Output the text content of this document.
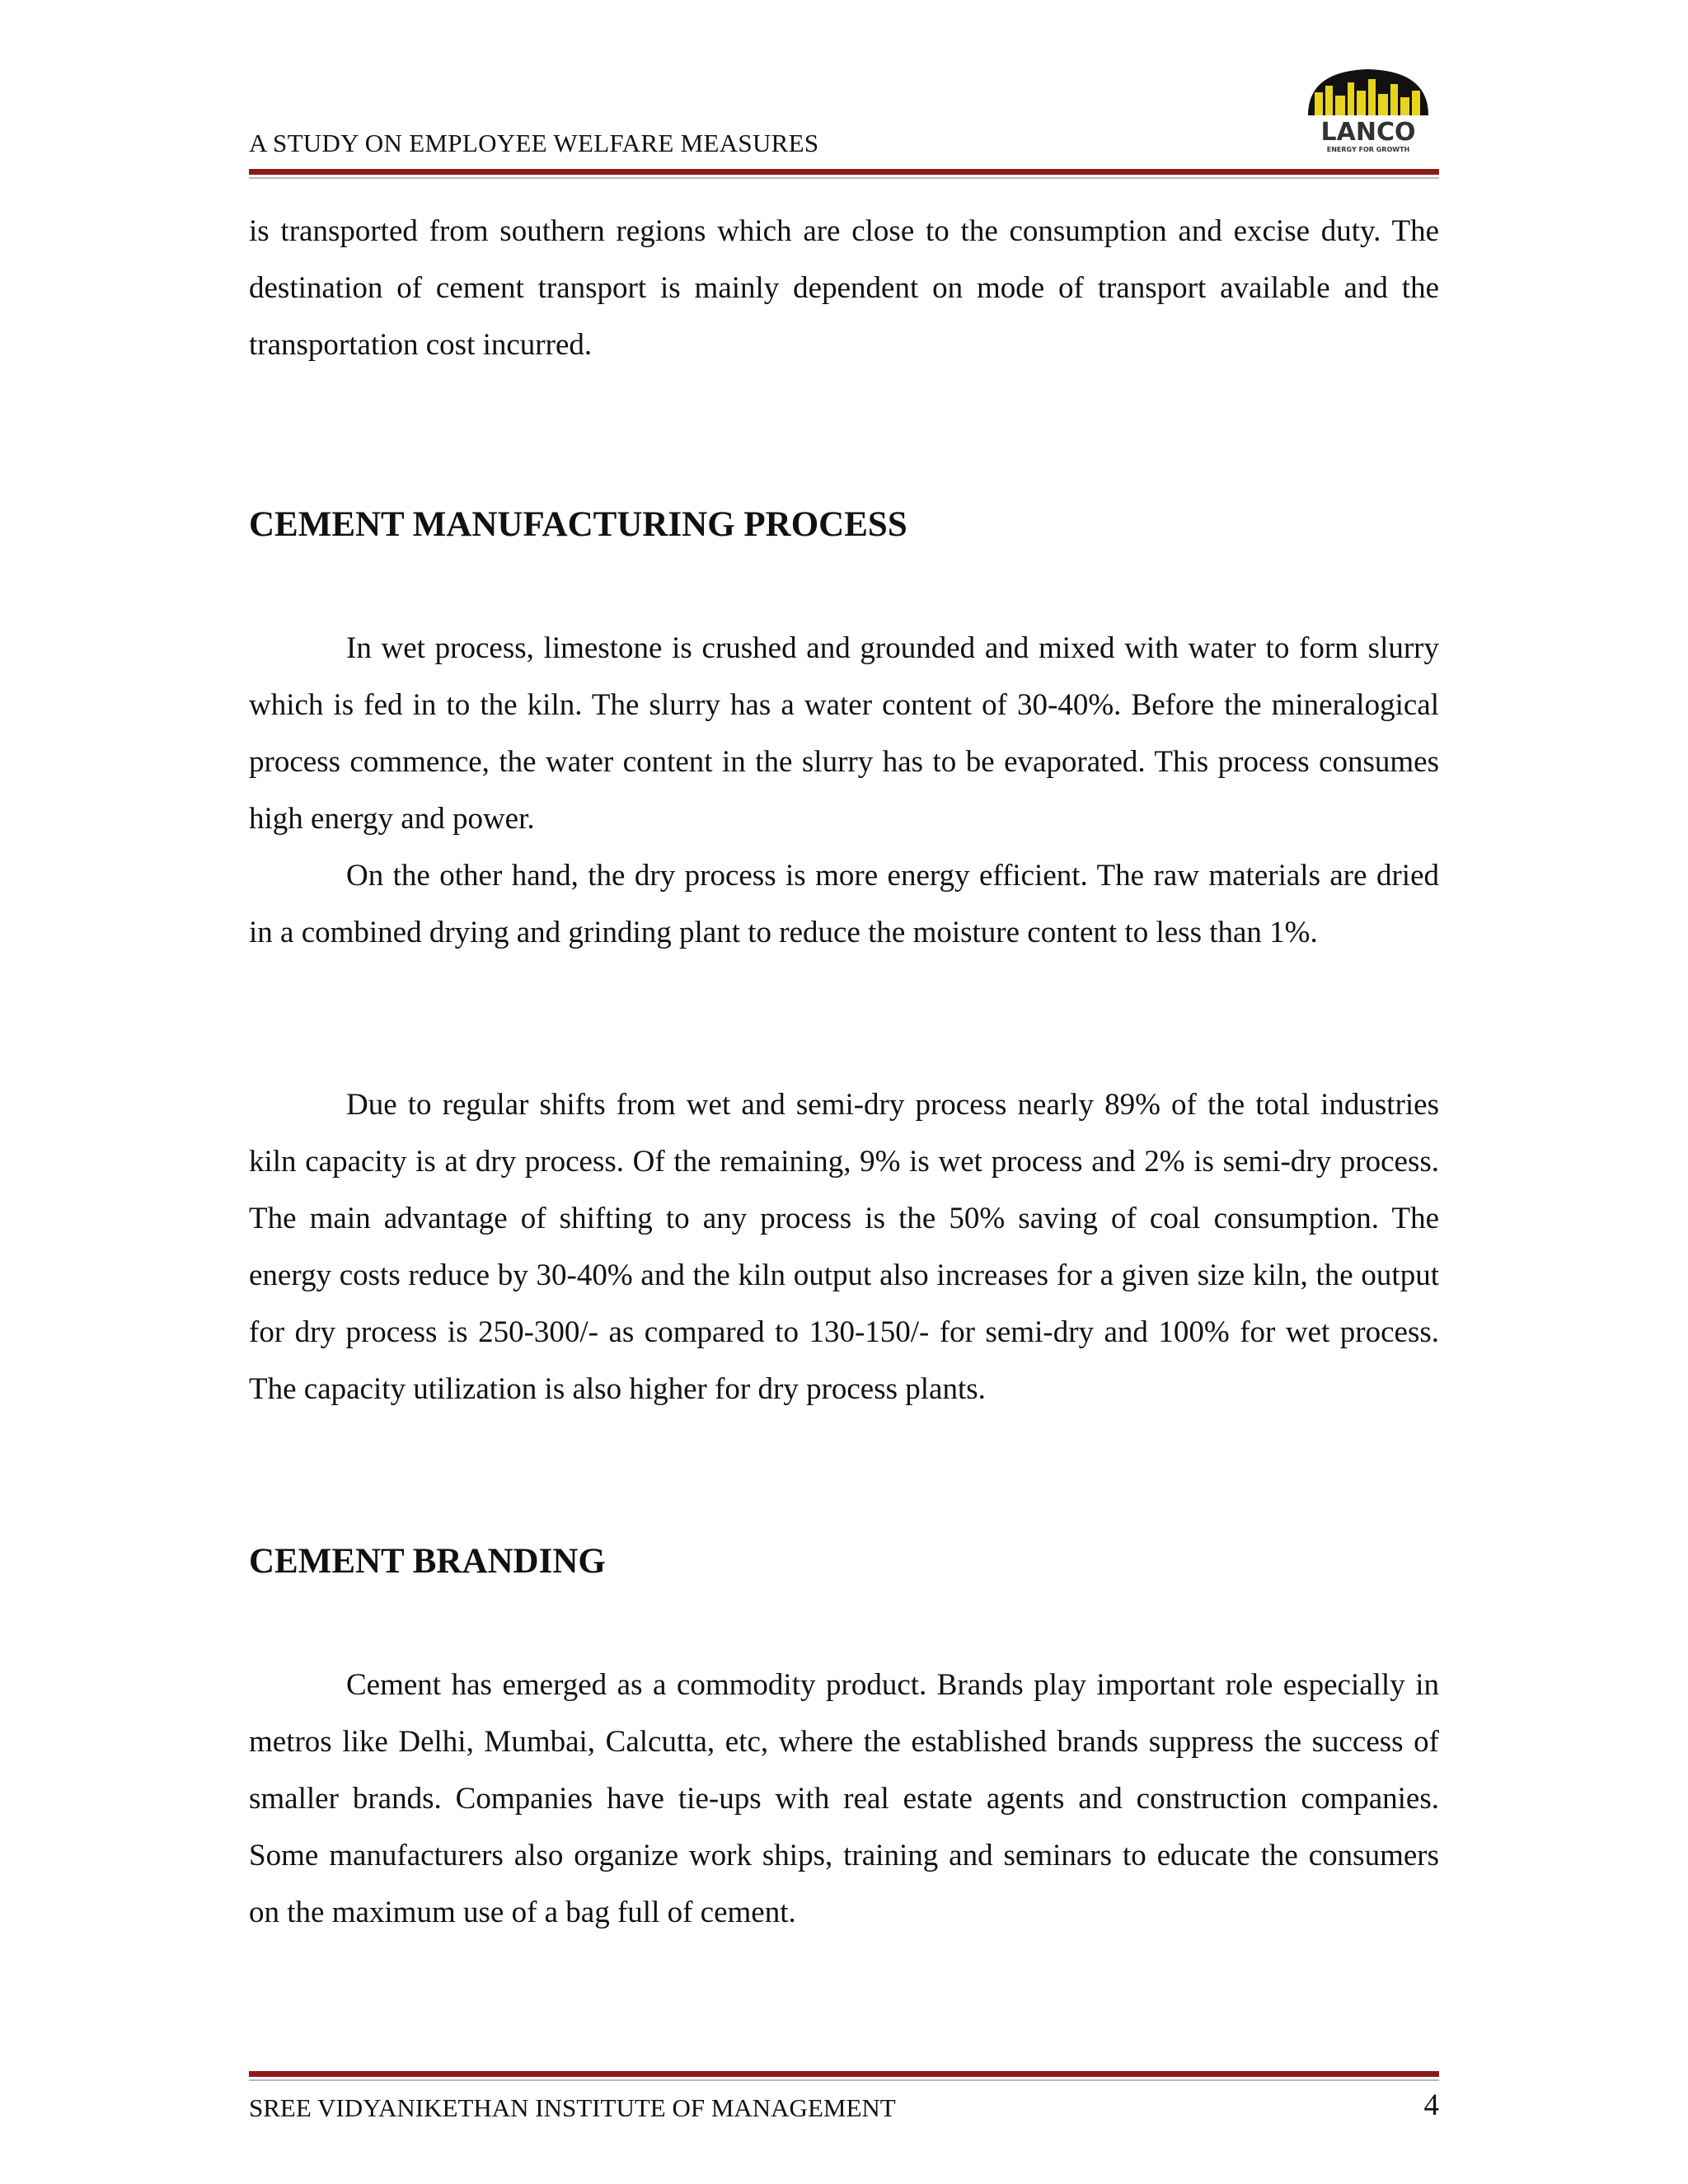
A STUDY ON EMPLOYEE WELFARE MEASURES	LANCO
ENERGY FOR GROWTH

is transported from southern regions which are close to the consumption and excise duty. The destination of cement transport is mainly dependent on mode of transport available and the transportation cost incurred.

CEMENT MANUFACTURING PROCESS

In wet process, limestone is crushed and grounded and mixed with water to form slurry which is fed in to the kiln. The slurry has a water content of 30-40%. Before the mineralogical process commence, the water content in the slurry has to be evaporated. This process consumes high energy and power.

On the other hand, the dry process is more energy efficient. The raw materials are dried in a combined drying and grinding plant to reduce the moisture content to less than 1%.

Due to regular shifts from wet and semi-dry process nearly 89% of the total industries kiln capacity is at dry process. Of the remaining, 9% is wet process and 2% is semi-dry process. The main advantage of shifting to any process is the 50% saving of coal consumption. The energy costs reduce by 30-40% and the kiln output also increases for a given size kiln, the output for dry process is 250-300/- as compared to 130-150/- for semi-dry and 100% for wet process. The capacity utilization is also higher for dry process plants.

CEMENT BRANDING

Cement has emerged as a commodity product. Brands play important role especially in metros like Delhi, Mumbai, Calcutta, etc, where the established brands suppress the success of smaller brands. Companies have tie-ups with real estate agents and construction companies. Some manufacturers also organize work ships, training and seminars to educate the consumers on the maximum use of a bag full of cement.

SREE VIDYANIKETHAN INSTITUTE OF MANAGEMENT	4
